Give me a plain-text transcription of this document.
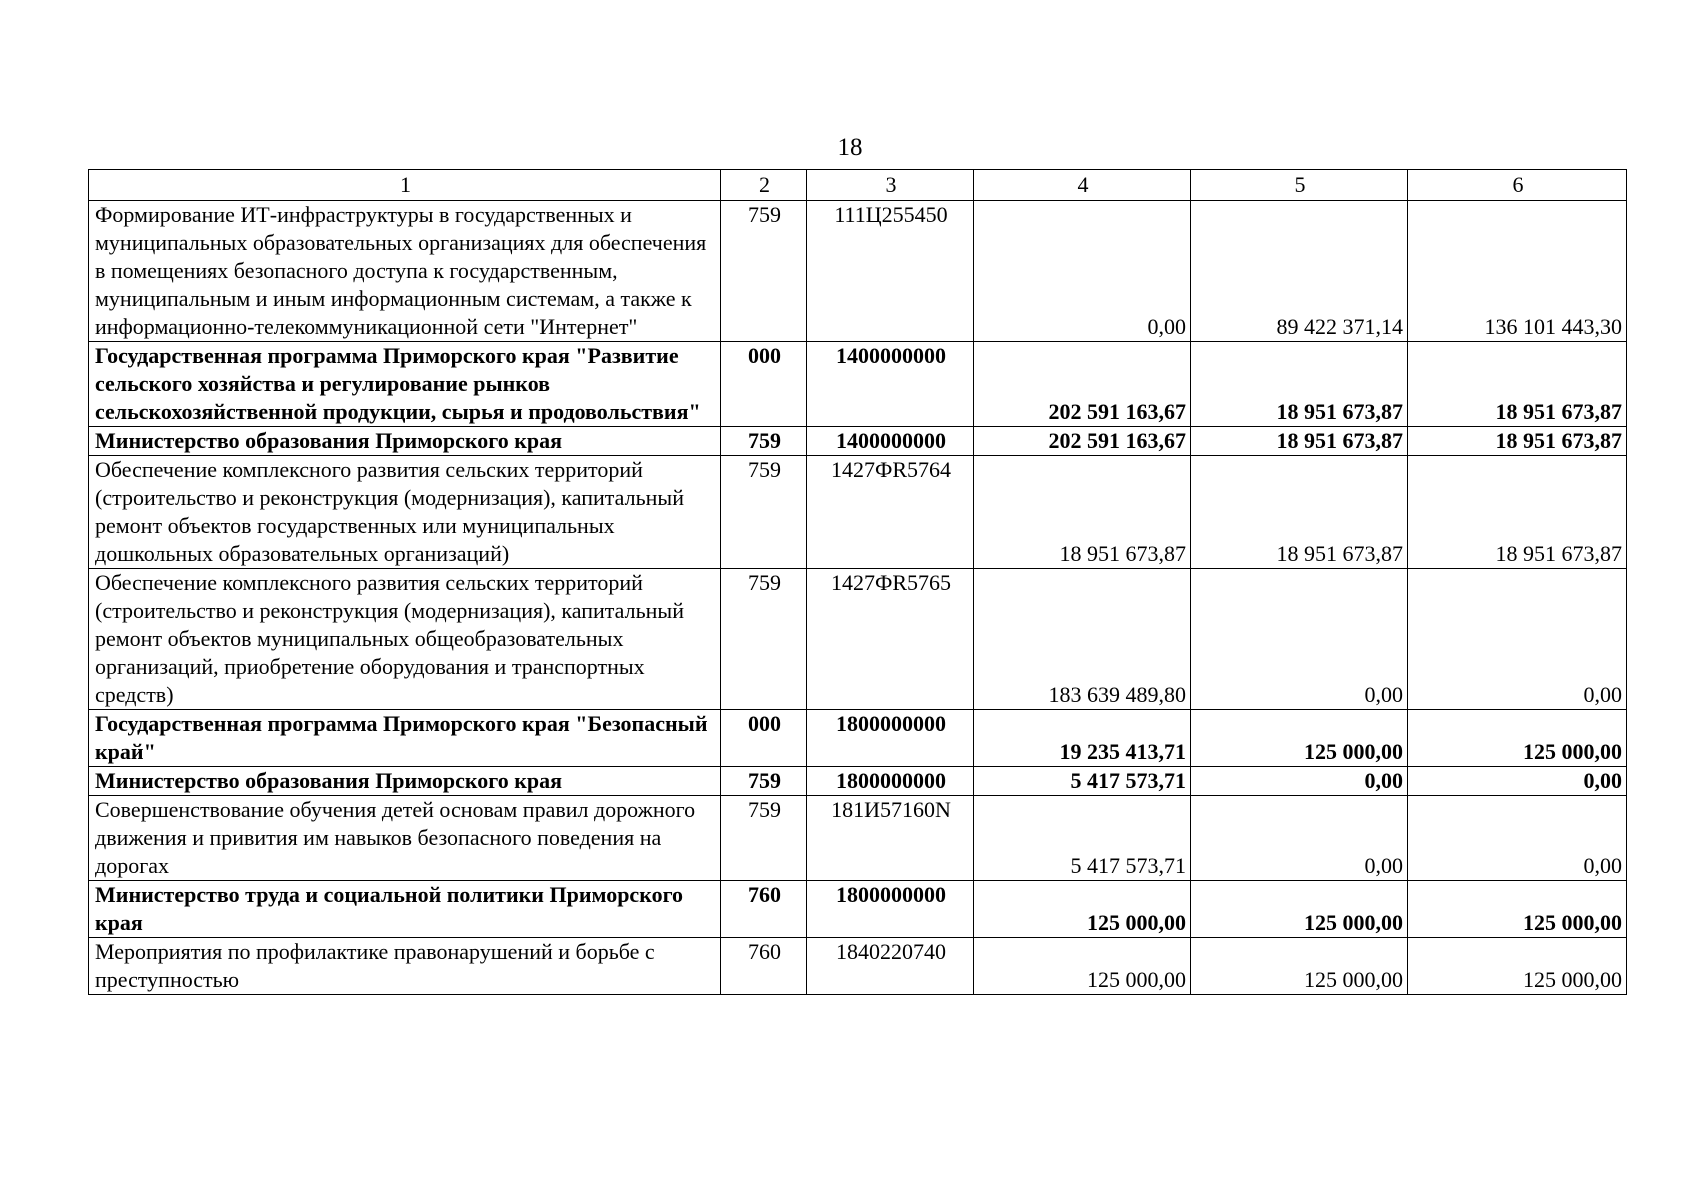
18
1	2	3	4	5	6
Формирование ИТ-инфраструктуры в государственных и муниципальных образовательных организациях для обеспечения в помещениях безопасного доступа к государственным, муниципальным и иным информационным системам, а также к информационно-телекоммуникационной сети "Интернет"	759	111Ц255450	0,00	89 422 371,14	136 101 443,30
Государственная программа Приморского края "Развитие сельского хозяйства и регулирование рынков сельскохозяйственной продукции, сырья и продовольствия"	000	1400000000	202 591 163,67	18 951 673,87	18 951 673,87
Министерство образования Приморского края	759	1400000000	202 591 163,67	18 951 673,87	18 951 673,87
Обеспечение комплексного развития сельских территорий (строительство и реконструкция (модернизация), капитальный ремонт объектов государственных или муниципальных дошкольных образовательных организаций)	759	1427ФR5764	18 951 673,87	18 951 673,87	18 951 673,87
Обеспечение комплексного развития сельских территорий (строительство и реконструкция (модернизация), капитальный ремонт объектов муниципальных общеобразовательных организаций, приобретение оборудования и транспортных средств)	759	1427ФR5765	183 639 489,80	0,00	0,00
Государственная программа Приморского края "Безопасный край"	000	1800000000	19 235 413,71	125 000,00	125 000,00
Министерство образования Приморского края	759	1800000000	5 417 573,71	0,00	0,00
Совершенствование обучения детей основам правил дорожного движения и привития им навыков безопасного поведения на дорогах	759	181И57160N	5 417 573,71	0,00	0,00
Министерство труда и социальной политики Приморского края	760	1800000000	125 000,00	125 000,00	125 000,00
Мероприятия по профилактике правонарушений и борьбе с преступностью	760	1840220740	125 000,00	125 000,00	125 000,00
